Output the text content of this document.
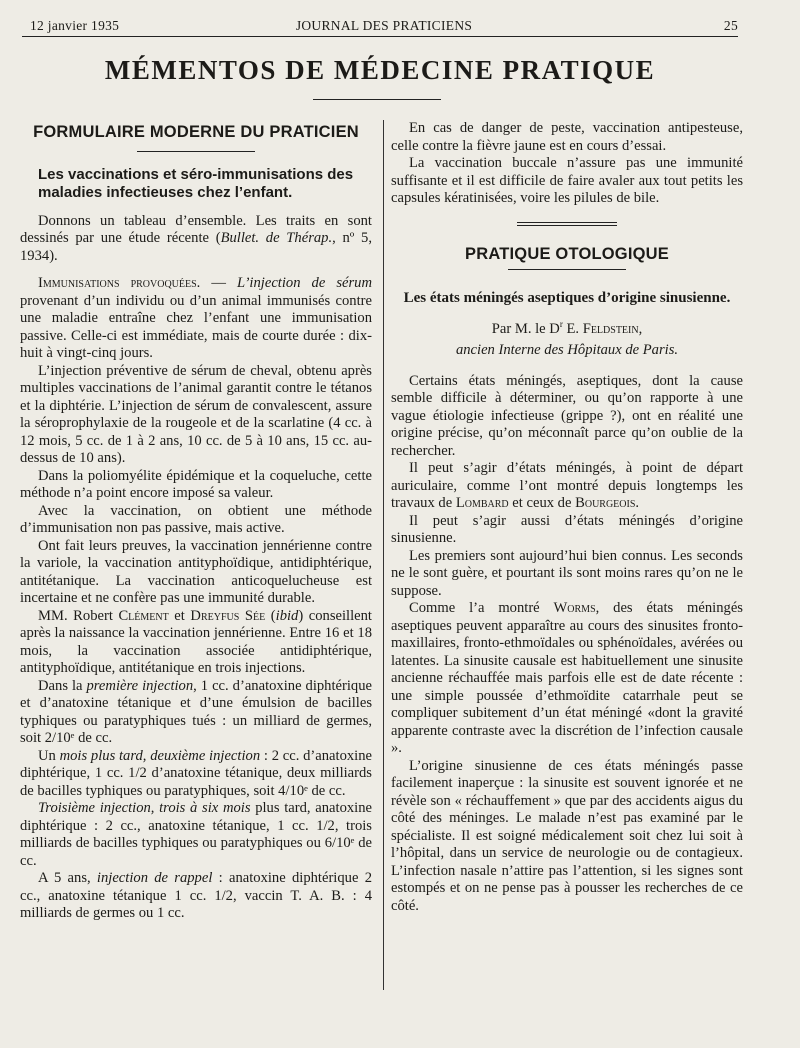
12 janvier 1935	JOURNAL DES PRATICIENS	25
MÉMENTOS DE MÉDECINE PRATIQUE
FORMULAIRE MODERNE DU PRATICIEN
Les vaccinations et séro-immunisations des maladies infectieuses chez l’enfant.

Donnons un tableau d’ensemble. Les traits en sont dessinés par une étude récente (Bullet. de Thérap., nº 5, 1934).

Immunisations provoquées. — L’injection de sérum provenant d’un individu ou d’un animal immunisés contre une maladie entraîne chez l’enfant une immunisation passive. Celle-ci est immédiate, mais de courte durée : dix-huit à vingt-cinq jours.

L’injection préventive de sérum de cheval, obtenu après multiples vaccinations de l’animal garantit contre le tétanos et la diphtérie. L’injection de sérum de convalescent, assure la séroprophylaxie de la rougeole et de la scarlatine (4 cc. à 12 mois, 5 cc. de 1 à 2 ans, 10 cc. de 5 à 10 ans, 15 cc. au-dessus de 10 ans).

Dans la poliomyélite épidémique et la coqueluche, cette méthode n’a point encore imposé sa valeur.

Avec la vaccination, on obtient une méthode d’immunisation non pas passive, mais active.

Ont fait leurs preuves, la vaccination jennérienne contre la variole, la vaccination antityphoïdique, antidiphtérique, antitétanique. La vaccination anticoquelucheuse est incertaine et ne confère pas une immunité durable.

MM. Robert Clément et Dreyfus Sée (ibid) conseillent après la naissance la vaccination jennérienne. Entre 16 et 18 mois, la vaccination associée antidiphtérique, antityphoïdique, antitétanique en trois injections.

Dans la première injection, 1 cc. d’anatoxine diphtérique et d’anatoxine tétanique et d’une émulsion de bacilles typhiques ou paratyphiques tués : un milliard de germes, soit 2/10ᵉ de cc.

Un mois plus tard, deuxième injection : 2 cc. d’anatoxine diphtérique, 1 cc. 1/2 d’anatoxine tétanique, deux milliards de bacilles typhiques ou paratyphiques, soit 4/10ᵉ de cc.

Troisième injection, trois à six mois plus tard, anatoxine diphtérique : 2 cc., anatoxine tétanique, 1 cc. 1/2, trois milliards de bacilles typhiques ou paratyphiques ou 6/10ᵉ de cc.

A 5 ans, injection de rappel : anatoxine diphtérique 2 cc., anatoxine tétanique 1 cc. 1/2, vaccin T. A. B. : 4 milliards de germes ou 1 cc.

En cas de danger de peste, vaccination antipesteuse, celle contre la fièvre jaune est en cours d’essai.

La vaccination buccale n’assure pas une immunité suffisante et il est difficile de faire avaler aux tout petits les capsules kératinisées, voire les pilules de bile.

PRATIQUE OTOLOGIQUE
Les états méningés aseptiques d’origine sinusienne.
Par M. le $D^r$ E. Feldstein,
ancien Interne des Hôpitaux de Paris.

Certains états méningés, aseptiques, dont la cause semble difficile à déterminer, ou qu’on rapporte à une vague étiologie infectieuse (grippe ?), ont en réalité une origine précise, qu’on méconnaît parce qu’on oublie de la rechercher.

Il peut s’agir d’états méningés, à point de départ auriculaire, comme l’ont montré depuis longtemps les travaux de Lombard et ceux de Bourgeois.

Il peut s’agir aussi d’états méningés d’origine sinusienne.

Les premiers sont aujourd’hui bien connus. Les seconds ne le sont guère, et pourtant ils sont moins rares qu’on ne le suppose.

Comme l’a montré Worms, des états méningés aseptiques peuvent apparaître au cours des sinusites fronto-maxillaires, fronto-ethmoïdales ou sphénoïdales, avérées ou latentes. La sinusite causale est habituellement une sinusite ancienne réchauffée mais parfois elle est de date récente : une simple poussée d’ethmoïdite catarrhale peut se compliquer subitement d’un état méningé «dont la gravité apparente contraste avec la discrétion de l’infection causale ».

L’origine sinusienne de ces états méningés passe facilement inaperçue : la sinusite est souvent ignorée et ne révèle son « réchauffement » que par des accidents aigus du côté des méninges. Le malade n’est pas examiné par le spécialiste. Il est soigné médicalement soit chez lui soit à l’hôpital, dans un service de neurologie ou de contagieux. L’infection nasale n’attire pas l’attention, si les signes sont estompés et on ne pense pas à pousser les recherches de ce côté.
